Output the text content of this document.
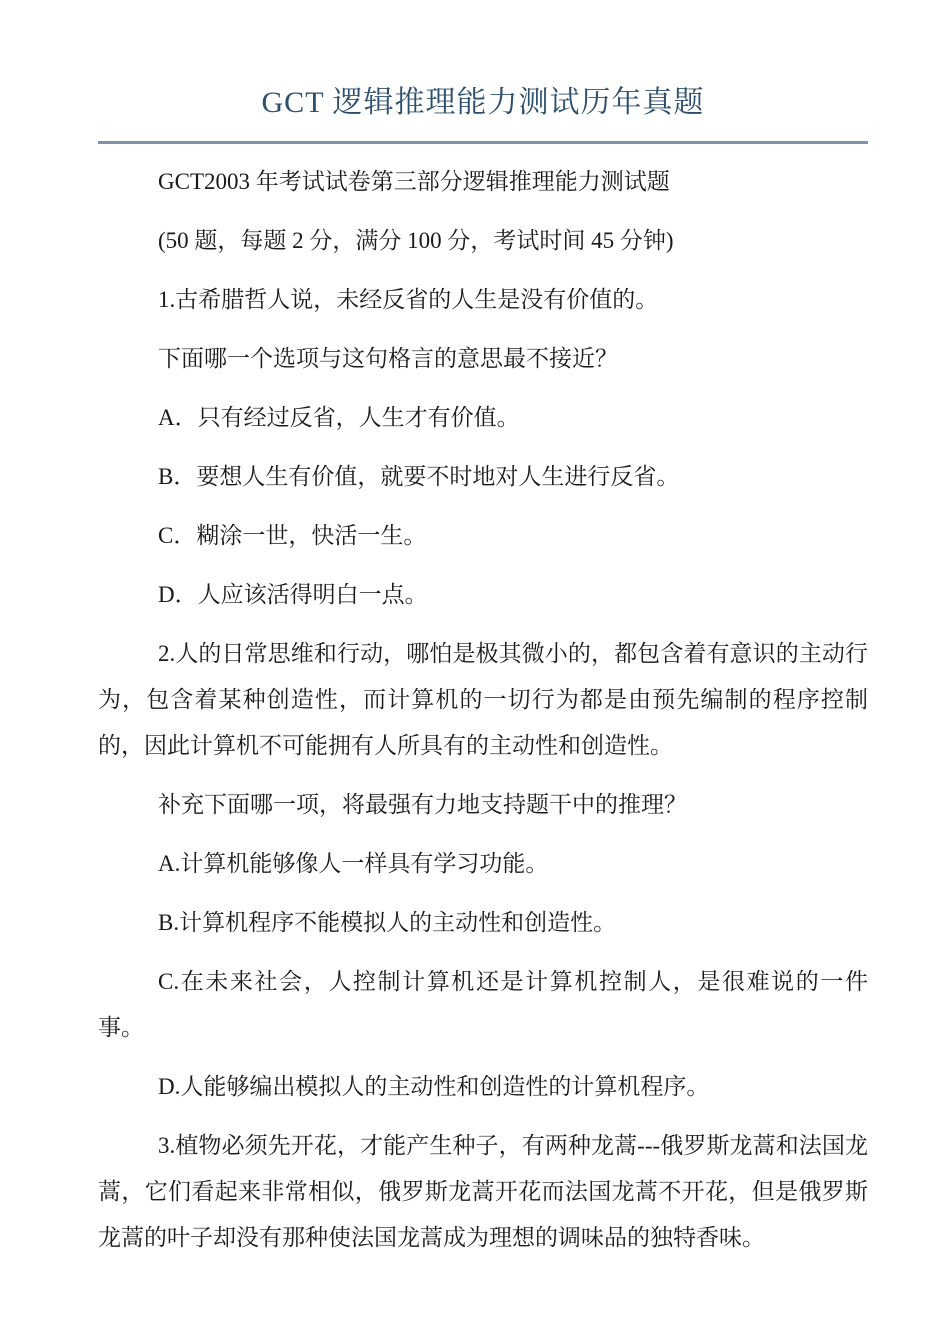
GCT 逻辑推理能力测试历年真题

GCT2003 年考试试卷第三部分逻辑推理能力测试题

(50 题，每题 2 分，满分 100 分，考试时间 45 分钟)

1.古希腊哲人说，未经反省的人生是没有价值的。

下面哪一个选项与这句格言的意思最不接近？

A．只有经过反省，人生才有价值。

B．要想人生有价值，就要不时地对人生进行反省。

C．糊涂一世，快活一生。

D．人应该活得明白一点。

2.人的日常思维和行动，哪怕是极其微小的，都包含着有意识的主动行为，包含着某种创造性，而计算机的一切行为都是由预先编制的程序控制的，因此计算机不可能拥有人所具有的主动性和创造性。

补充下面哪一项，将最强有力地支持题干中的推理？

A.计算机能够像人一样具有学习功能。

B.计算机程序不能模拟人的主动性和创造性。

C.在未来社会，人控制计算机还是计算机控制人，是很难说的一件事。

D.人能够编出模拟人的主动性和创造性的计算机程序。

3.植物必须先开花，才能产生种子，有两种龙蒿---俄罗斯龙蒿和法国龙蒿，它们看起来非常相似，俄罗斯龙蒿开花而法国龙蒿不开花，但是俄罗斯龙蒿的叶子却没有那种使法国龙蒿成为理想的调味品的独特香味。
